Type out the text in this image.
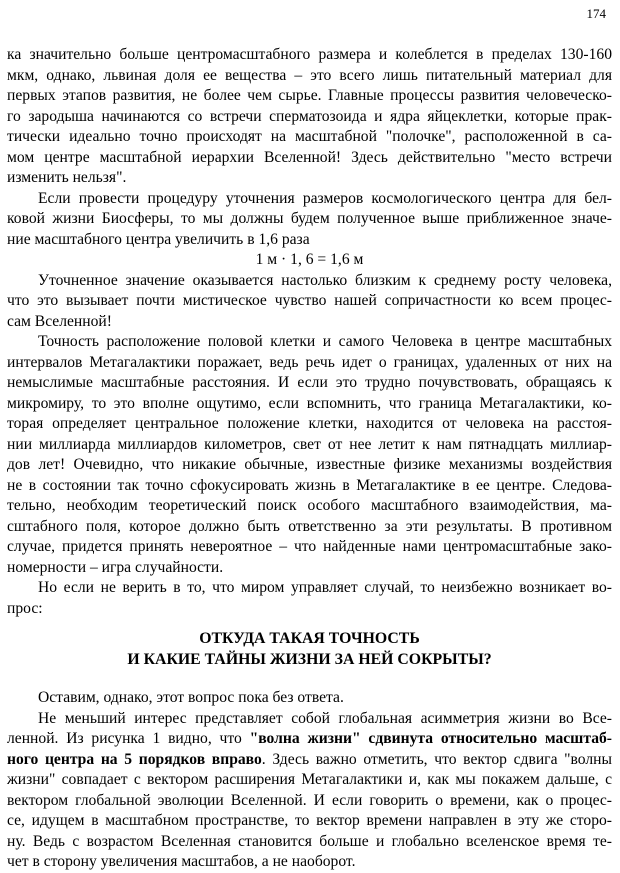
174
ка значительно больше центромасштабного размера и колеблется в пределах 130-160
мкм, однако, львиная доля ее вещества – это всего лишь питательный материал для
первых этапов развития, не более чем сырье. Главные процессы развития человеческо-
го зародыша начинаются со встречи сперматозоида и ядра яйцеклетки, которые прак-
тически идеально точно происходят на масштабной "полочке", расположенной в са-
мом центре масштабной иерархии Вселенной! Здесь действительно "место встречи
изменить нельзя".
Если провести процедуру уточнения размеров космологического центра для бел-
ковой жизни Биосферы, то мы должны будем полученное выше приближенное значе-
ние масштабного центра увеличить в 1,6 раза
1 м · 1, 6 = 1,6 м
Уточненное значение оказывается настолько близким к среднему росту человека,
что это вызывает почти мистическое чувство нашей сопричастности ко всем процес-
сам Вселенной!
Точность расположение половой клетки и самого Человека в центре масштабных
интервалов Метагалактики поражает, ведь речь идет о границах, удаленных от них на
немыслимые масштабные расстояния. И если это трудно почувствовать, обращаясь к
микромиру, то это вполне ощутимо, если вспомнить, что граница Метагалактики, ко-
торая определяет центральное положение клетки, находится от человека на расстоя-
нии миллиарда миллиардов километров, свет от нее летит к нам пятнадцать миллиар-
дов лет! Очевидно, что никакие обычные, известные физике механизмы воздействия
не в состоянии так точно сфокусировать жизнь в Метагалактике в ее центре. Следова-
тельно, необходим теоретический поиск особого масштабного взаимодействия, ма-
сштабного поля, которое должно быть ответственно за эти результаты. В противном
случае, придется принять невероятное – что найденные нами центромасштабные зако-
номерности – игра случайности.
Но если не верить в то, что миром управляет случай, то неизбежно возникает во-
прос:
ОТКУДА ТАКАЯ ТОЧНОСТЬ
И КАКИЕ ТАЙНЫ ЖИЗНИ ЗА НЕЙ СОКРЫТЫ?
Оставим, однако, этот вопрос пока без ответа.
Не меньший интерес представляет собой глобальная асимметрия жизни во Все-
ленной. Из рисунка 1 видно, что "волна жизни" сдвинута относительно масштаб-
ного центра на 5 порядков вправо. Здесь важно отметить, что вектор сдвига "волны
жизни" совпадает с вектором расширения Метагалактики и, как мы покажем дальше, с
вектором глобальной эволюции Вселенной. И если говорить о времени, как о процес-
се, идущем в масштабном пространстве, то вектор времени направлен в эту же сторо-
ну. Ведь с возрастом Вселенная становится больше и глобально вселенское время те-
чет в сторону увеличения масштабов, а не наоборот.
